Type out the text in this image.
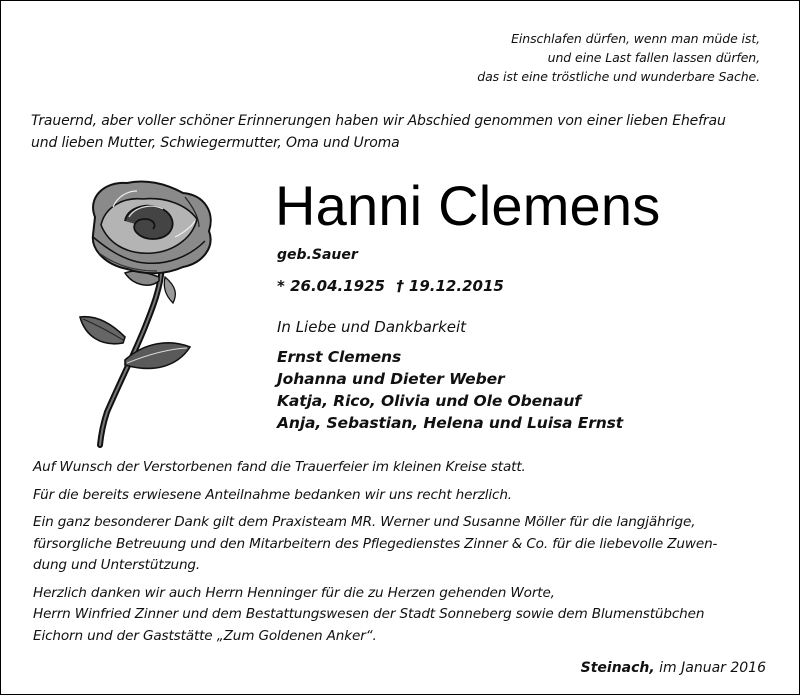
Einschlafen dürfen, wenn man müde ist,
und eine Last fallen lassen dürfen,
das ist eine tröstliche und wunderbare Sache.
Trauernd, aber voller schöner Erinnerungen haben wir Abschied genommen von einer lieben Ehefrau
und lieben Mutter, Schwiegermutter, Oma und Uroma
Hanni Clemens
geb.Sauer
* 26.04.1925 † 19.12.2015
In Liebe und Dankbarkeit
Ernst Clemens
Johanna und Dieter Weber
Katja, Rico, Olivia und Ole Obenauf
Anja, Sebastian, Helena und Luisa Ernst
Auf Wunsch der Verstorbenen fand die Trauerfeier im kleinen Kreise statt.
Für die bereits erwiesene Anteilnahme bedanken wir uns recht herzlich.
Ein ganz besonderer Dank gilt dem Praxisteam MR. Werner und Susanne Möller für die langjährige,
fürsorgliche Betreuung und den Mitarbeitern des Pflegedienstes Zinner & Co. für die liebevolle Zuwen-
dung und Unterstützung.
Herzlich danken wir auch Herrn Henninger für die zu Herzen gehenden Worte,
Herrn Winfried Zinner und dem Bestattungswesen der Stadt Sonneberg sowie dem Blumenstübchen
Eichorn und der Gaststätte „Zum Goldenen Anker“.
Steinach, im Januar 2016
